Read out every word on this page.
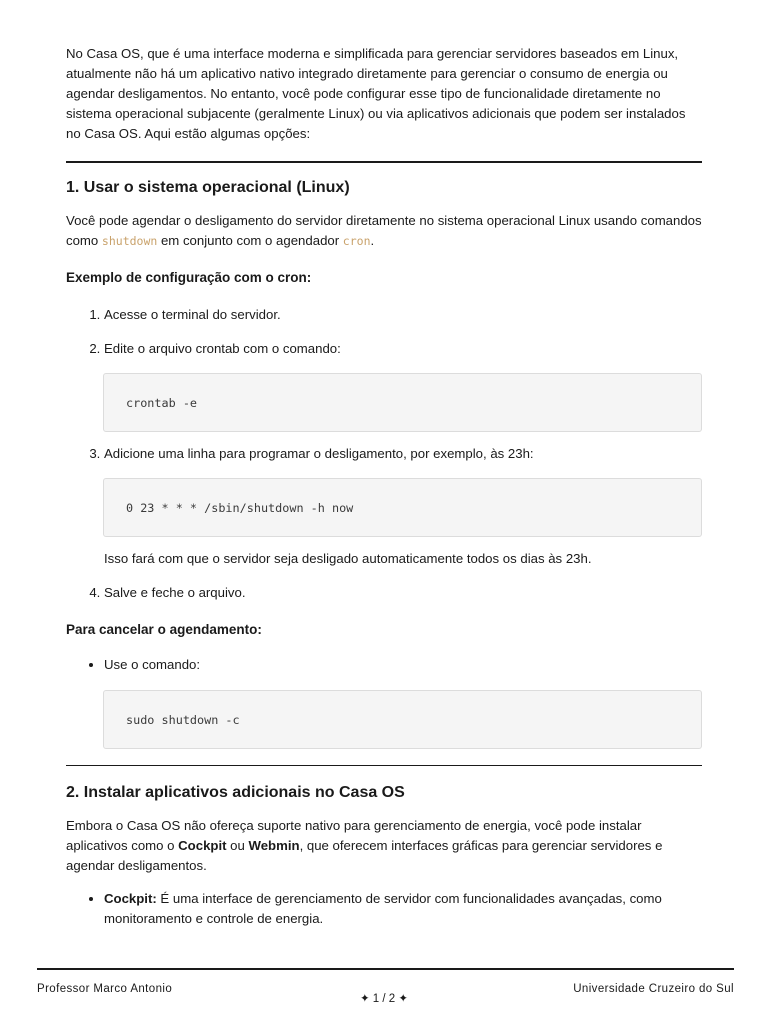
No Casa OS, que é uma interface moderna e simplificada para gerenciar servidores baseados em Linux, atualmente não há um aplicativo nativo integrado diretamente para gerenciar o consumo de energia ou agendar desligamentos. No entanto, você pode configurar esse tipo de funcionalidade diretamente no sistema operacional subjacente (geralmente Linux) ou via aplicativos adicionais que podem ser instalados no Casa OS. Aqui estão algumas opções:

1. Usar o sistema operacional (Linux)

Você pode agendar o desligamento do servidor diretamente no sistema operacional Linux usando comandos como shutdown em conjunto com o agendador cron.

Exemplo de configuração com o cron:
1. Acesse o terminal do servidor.
2. Edite o arquivo crontab com o comando:
crontab -e
3. Adicione uma linha para programar o desligamento, por exemplo, às 23h:
0 23 * * * /sbin/shutdown -h now

Isso fará com que o servidor seja desligado automaticamente todos os dias às 23h.

4. Salve e feche o arquivo.
Para cancelar o agendamento:
• Use o comando:
sudo shutdown -c
2. Instalar aplicativos adicionais no Casa OS

Embora o Casa OS não ofereça suporte nativo para gerenciamento de energia, você pode instalar aplicativos como o Cockpit ou Webmin, que oferecem interfaces gráficas para gerenciar servidores e agendar desligamentos.

• Cockpit: É uma interface de gerenciamento de servidor com funcionalidades avançadas, como monitoramento e controle de energia.
Professor Marco Antonio
✦ 1 / 2 ✦
Universidade Cruzeiro do Sul
